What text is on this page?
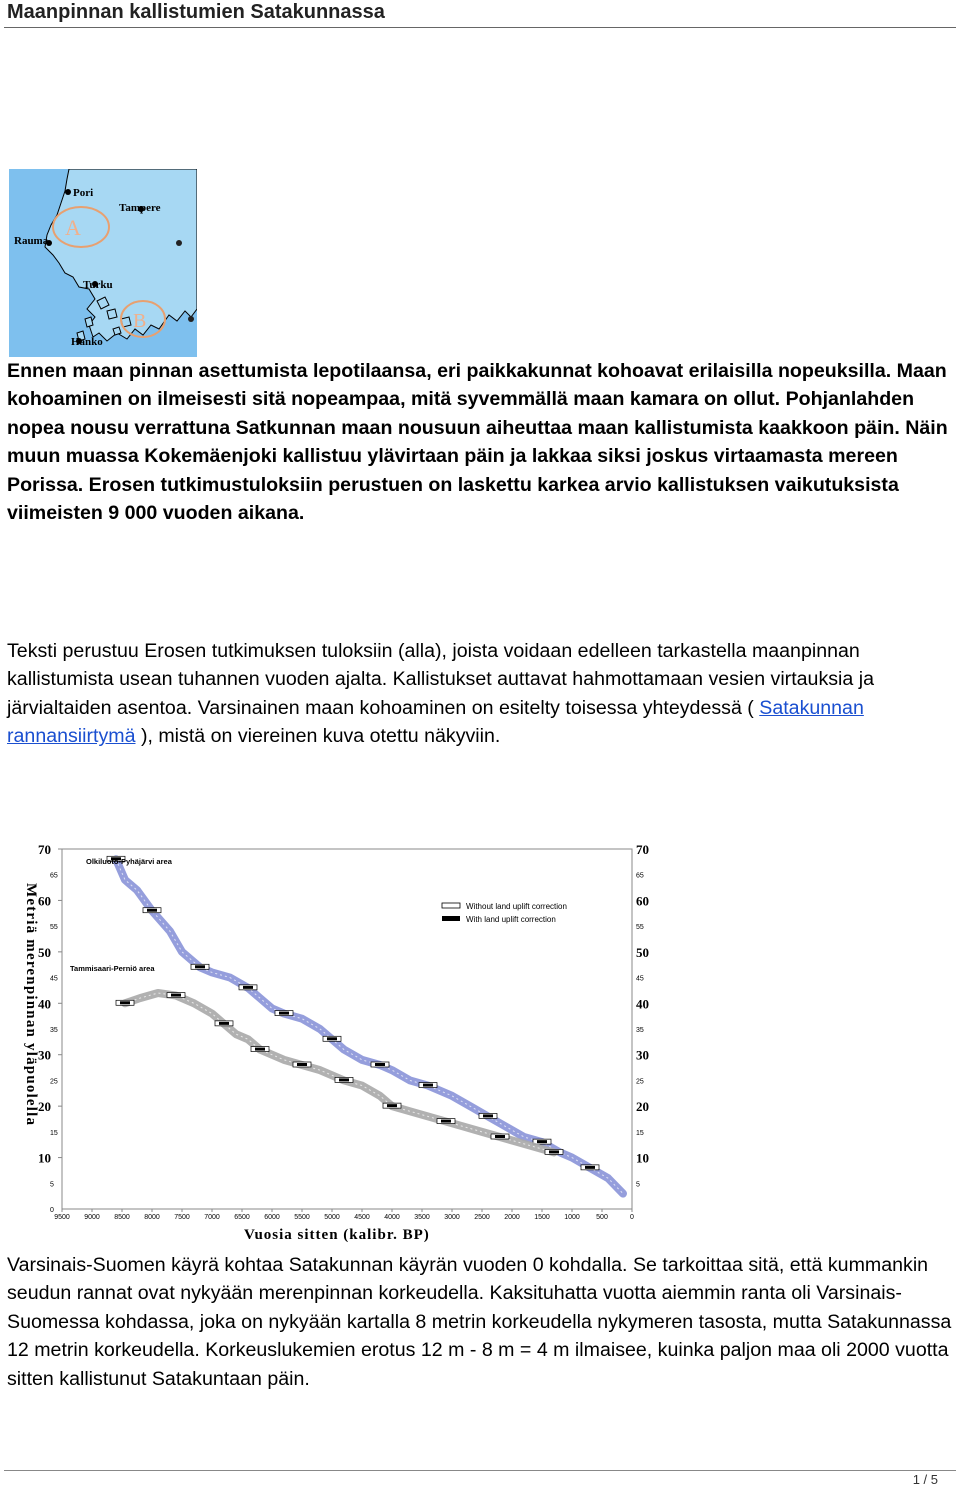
Maanpinnan kallistumien Satakunnassa
A
B
Pori
Tampere
Rauma
Turku
Hanko

Ennen maan pinnan asettumista lepotilaansa, eri paikkakunnat kohoavat erilaisilla nopeuksilla. Maan kohoaminen on ilmeisesti sitä nopeampaa, mitä syvemmällä maan kamara on ollut. Pohjanlahden nopea nousu verrattuna Satkunnan maan nousuun aiheuttaa maan kallistumista kaakkoon päin. Näin muun muassa Kokemäenjoki kallistuu ylävirtaan päin ja lakkaa siksi joskus virtaamasta mereen Porissa. Erosen tutkimustuloksiin perustuen on laskettu karkea arvio kallistuksen vaikutuksista viimeisten 9 000 vuoden aikana.

Teksti perustuu Erosen tutkimuksen tuloksiin (alla), joista voidaan edelleen tarkastella maanpinnan kallistumista usean tuhannen vuoden ajalta. Kallistukset auttavat hahmottamaan vesien virtauksia ja järvialtaiden asentoa. Varsinainen maan kohoaminen on esitelty toisessa yhteydessä ( Satakunnan rannansiirtymä ), mistä on viereinen kuva otettu näkyviin.

70
60
50
40
30
20
10
65
55
45
35
25
15
5
0
70
60
50
40
30
20
10
65
55
45
35
25
15
5
9500 9000 8500 8000 7500 7000 6500 6000 5500 5000 4500 4000 3500 3000 2500 2000 1500 1000 500	0
Metriä merenpinnan yläpuolella
Vuosia sitten (kalibr. BP)
Olkiluoto-Pyhäjärvi area
Tammisaari-Perniö area
Without land uplift correction
With land uplift correction

Varsinais-Suomen käyrä kohtaa Satakunnan käyrän vuoden 0 kohdalla. Se tarkoittaa sitä, että kummankin seudun rannat ovat nykyään merenpinnan korkeudella. Kaksituhatta vuotta aiemmin ranta oli Varsinais-Suomessa kohdassa, joka on nykyään kartalla 8 metrin korkeudella nykymeren tasosta, mutta Satakunnassa 12 metrin korkeudella. Korkeuslukemien erotus 12 m - 8 m = 4 m ilmaisee, kuinka paljon maa oli 2000 vuotta sitten kallistunut Satakuntaan päin.

1 / 5
